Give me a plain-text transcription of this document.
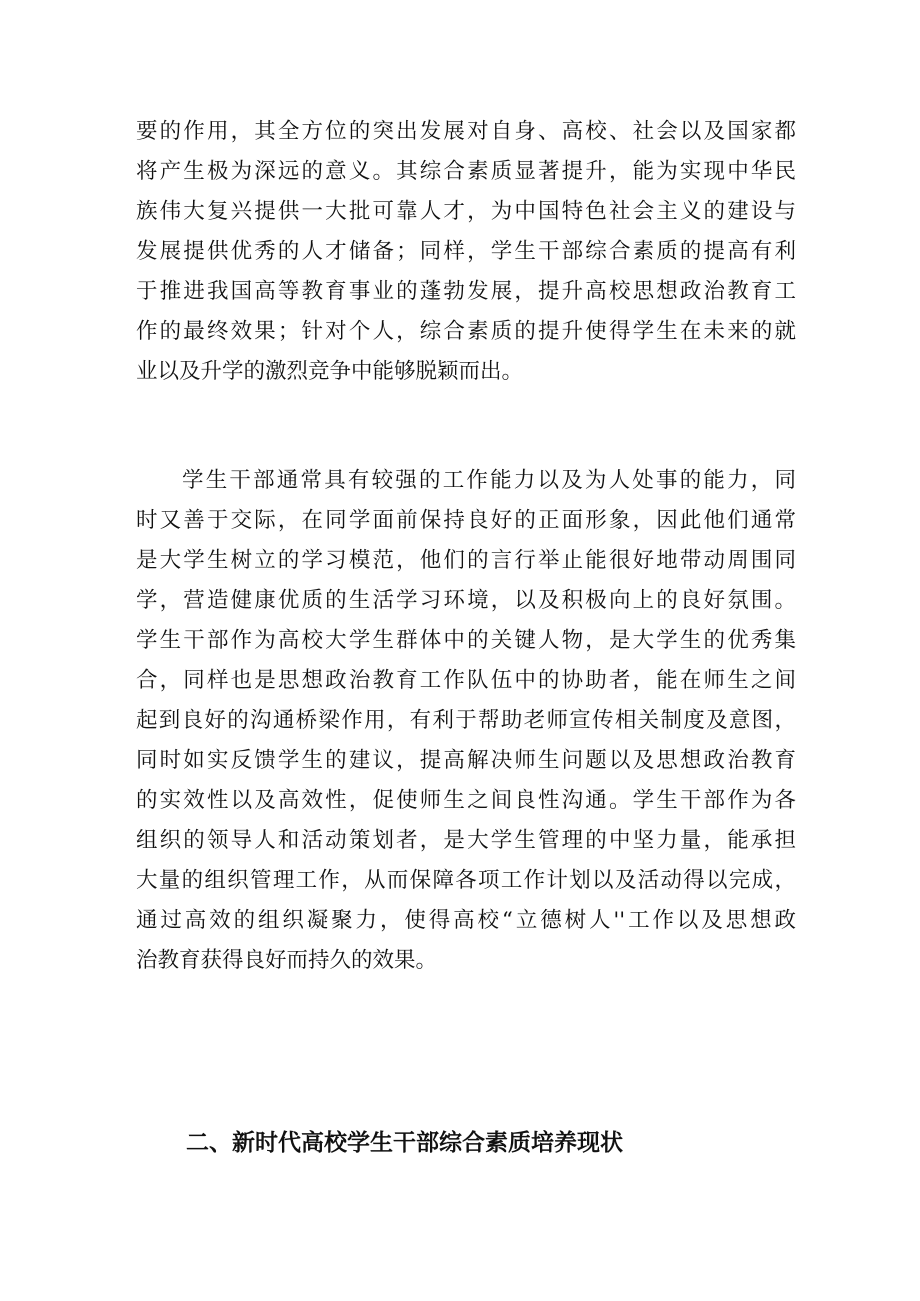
要的作用，其全方位的突出发展对自身、高校、社会以及国家都
将产生极为深远的意义。其综合素质显著提升，能为实现中华民
族伟大复兴提供一大批可靠人才，为中国特色社会主义的建设与
发展提供优秀的人才储备；同样，学生干部综合素质的提高有利
于推进我国高等教育事业的蓬勃发展，提升高校思想政治教育工
作的最终效果；针对个人，综合素质的提升使得学生在未来的就
业以及升学的激烈竞争中能够脱颖而出。
学生干部通常具有较强的工作能力以及为人处事的能力，同
时又善于交际，在同学面前保持良好的正面形象，因此他们通常
是大学生树立的学习模范，他们的言行举止能很好地带动周围同
学，营造健康优质的生活学习环境，以及积极向上的良好氛围。
学生干部作为高校大学生群体中的关键人物，是大学生的优秀集
合，同样也是思想政治教育工作队伍中的协助者，能在师生之间
起到良好的沟通桥梁作用，有利于帮助老师宣传相关制度及意图，
同时如实反馈学生的建议，提高解决师生问题以及思想政治教育
的实效性以及高效性，促使师生之间良性沟通。学生干部作为各
组织的领导人和活动策划者，是大学生管理的中坚力量，能承担
大量的组织管理工作，从而保障各项工作计划以及活动得以完成，
通过高效的组织凝聚力，使得高校“立德树人''工作以及思想政
治教育获得良好而持久的效果。
二、新时代高校学生干部综合素质培养现状
